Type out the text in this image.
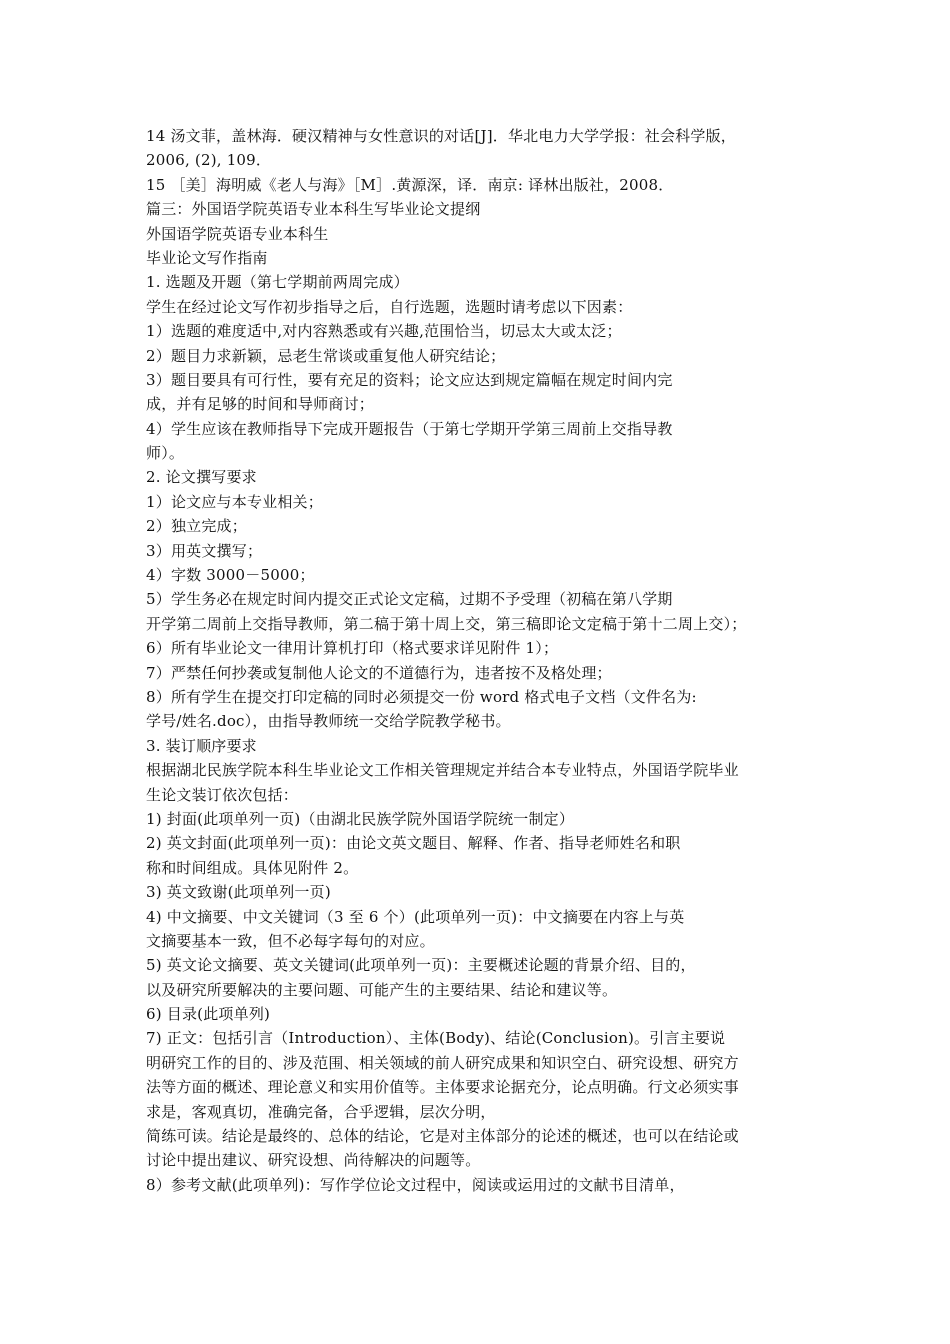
14 汤文菲，盖林海．硬汉精神与女性意识的对话[J]．华北电力大学学报：社会科学版，
2006, (2), 109．
15 ［美］海明威《老人与海》［M］.黄源深，译．南京: 译林出版社，2008．
篇三：外国语学院英语专业本科生写毕业论文提纲
外国语学院英语专业本科生
毕业论文写作指南
1. 选题及开题（第七学期前两周完成）
学生在经过论文写作初步指导之后，自行选题，选题时请考虑以下因素：
1）选题的难度适中,对内容熟悉或有兴趣,范围恰当，切忌太大或太泛；
2）题目力求新颖，忌老生常谈或重复他人研究结论；
3）题目要具有可行性，要有充足的资料；论文应达到规定篇幅在规定时间内完
成，并有足够的时间和导师商讨；
4）学生应该在教师指导下完成开题报告（于第七学期开学第三周前上交指导教
师）。
2. 论文撰写要求
1）论文应与本专业相关；
2）独立完成；
3）用英文撰写；
4）字数 3000－5000；
5）学生务必在规定时间内提交正式论文定稿，过期不予受理（初稿在第八学期
开学第二周前上交指导教师，第二稿于第十周上交，第三稿即论文定稿于第十二周上交）；
6）所有毕业论文一律用计算机打印（格式要求详见附件 1）；
7）严禁任何抄袭或复制他人论文的不道德行为，违者按不及格处理；
8）所有学生在提交打印定稿的同时必须提交一份 word 格式电子文档（文件名为:
学号/姓名.doc），由指导教师统一交给学院教学秘书。
3. 装订顺序要求
根据湖北民族学院本科生毕业论文工作相关管理规定并结合本专业特点，外国语学院毕业
生论文装订依次包括：
1) 封面(此项单列一页)（由湖北民族学院外国语学院统一制定）
2) 英文封面(此项单列一页)：由论文英文题目、解释、作者、指导老师姓名和职
称和时间组成。具体见附件 2。
3) 英文致谢(此项单列一页)
4) 中文摘要、中文关键词（3 至 6 个）(此项单列一页)：中文摘要在内容上与英
文摘要基本一致，但不必每字每句的对应。
5) 英文论文摘要、英文关键词(此项单列一页)：主要概述论题的背景介绍、目的，
以及研究所要解决的主要问题、可能产生的主要结果、结论和建议等。
6) 目录(此项单列)
7) 正文：包括引言（Introduction）、主体(Body)、结论(Conclusion)。引言主要说
明研究工作的目的、涉及范围、相关领域的前人研究成果和知识空白、研究设想、研究方
法等方面的概述、理论意义和实用价值等。主体要求论据充分，论点明确。行文必须实事
求是，客观真切，准确完备，合乎逻辑，层次分明，
简练可读。结论是最终的、总体的结论，它是对主体部分的论述的概述，也可以在结论或
讨论中提出建议、研究设想、尚待解决的问题等。
8）参考文献(此项单列)：写作学位论文过程中，阅读或运用过的文献书目清单，
